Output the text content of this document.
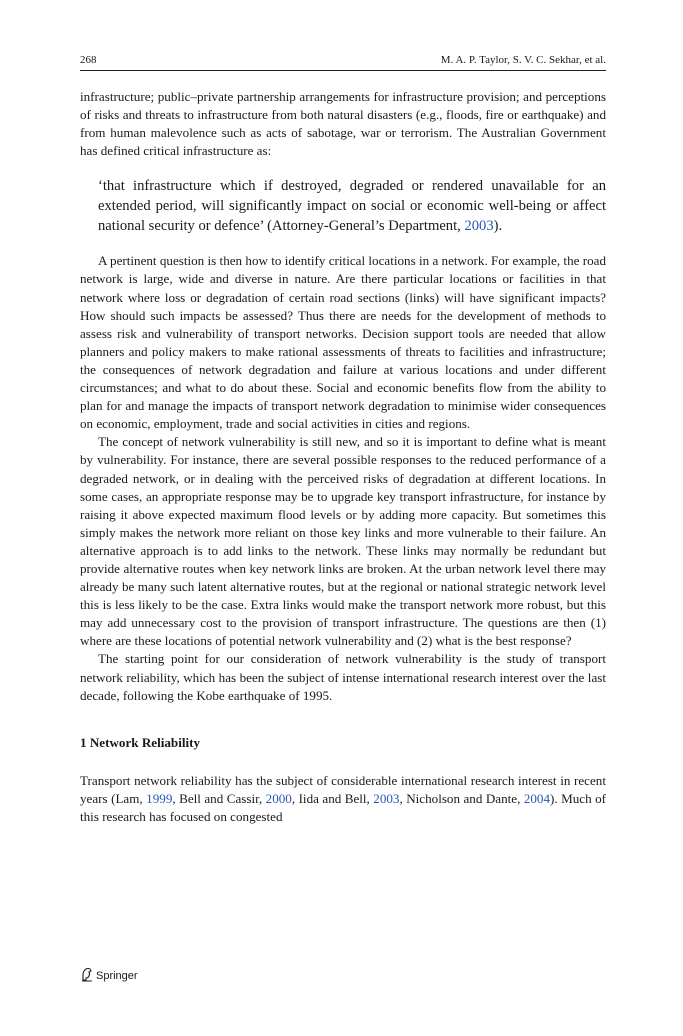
268	M. A. P. Taylor, S. V. C. Sekhar, et al.

infrastructure; public–private partnership arrangements for infrastructure provision; and perceptions of risks and threats to infrastructure from both natural disasters (e.g., floods, fire or earthquake) and from human malevolence such as acts of sabotage, war or terrorism. The Australian Government has defined critical infrastructure as:

‘that infrastructure which if destroyed, degraded or rendered unavailable for an extended period, will significantly impact on social or economic well-being or affect national security or defence’ (Attorney-General’s Department, 2003).

A pertinent question is then how to identify critical locations in a network. For example, the road network is large, wide and diverse in nature. Are there particular locations or facilities in that network where loss or degradation of certain road sections (links) will have significant impacts? How should such impacts be assessed? Thus there are needs for the development of methods to assess risk and vulnerability of transport networks. Decision support tools are needed that allow planners and policy makers to make rational assessments of threats to facilities and infrastructure; the consequences of network degradation and failure at various locations and under different circumstances; and what to do about these. Social and economic benefits flow from the ability to plan for and manage the impacts of transport network degradation to minimise wider consequences on economic, employment, trade and social activities in cities and regions.

The concept of network vulnerability is still new, and so it is important to define what is meant by vulnerability. For instance, there are several possible responses to the reduced performance of a degraded network, or in dealing with the perceived risks of degradation at different locations. In some cases, an appropriate response may be to upgrade key transport infrastructure, for instance by raising it above expected maximum flood levels or by adding more capacity. But sometimes this simply makes the network more reliant on those key links and more vulnerable to their failure. An alternative approach is to add links to the network. These links may normally be redundant but provide alternative routes when key network links are broken. At the urban network level there may already be many such latent alternative routes, but at the regional or national strategic network level this is less likely to be the case. Extra links would make the transport network more robust, but this may add unnecessary cost to the provision of transport infrastructure. The questions are then (1) where are these locations of potential network vulnerability and (2) what is the best response?

The starting point for our consideration of network vulnerability is the study of transport network reliability, which has been the subject of intense international research interest over the last decade, following the Kobe earthquake of 1995.

1 Network Reliability

Transport network reliability has the subject of considerable international research interest in recent years (Lam, 1999, Bell and Cassir, 2000, Iida and Bell, 2003, Nicholson and Dante, 2004). Much of this research has focused on congested

Springer
